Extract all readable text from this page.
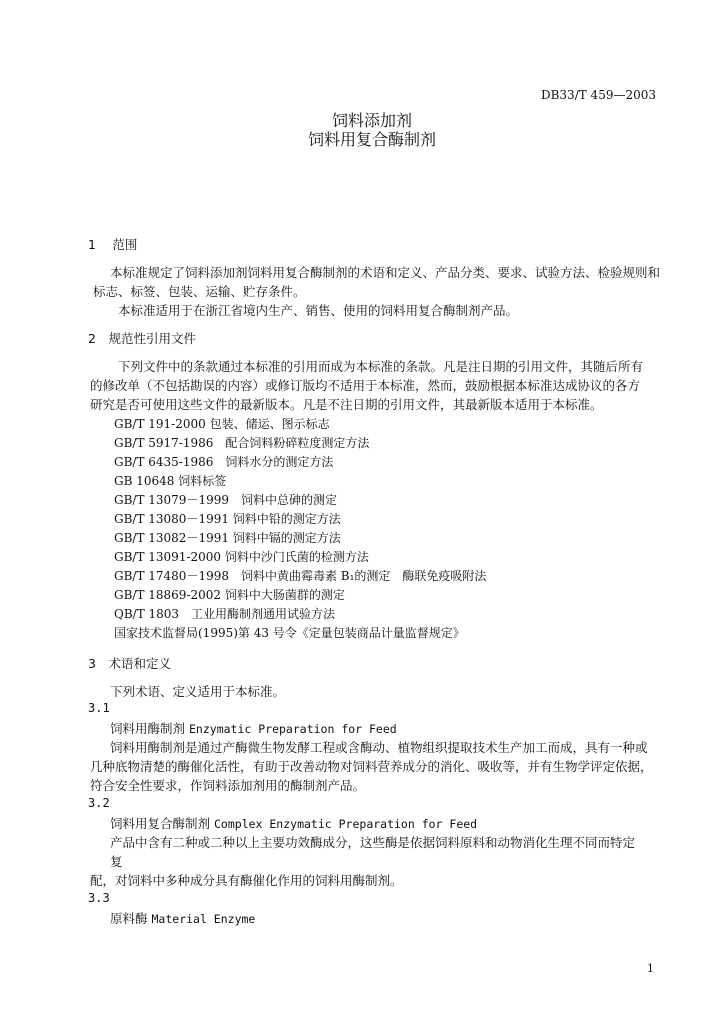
DB33/T 459—2003
饲料添加剂
饲料用复合酶制剂
1　 范围
本标准规定了饲料添加剂饲料用复合酶制剂的术语和定义、产品分类、要求、试验方法、检验规则和
标志、标签、包装、运输、贮存条件。
本标准适用于在浙江省境内生产、销售、使用的饲料用复合酶制剂产品。
2　规范性引用文件
下列文件中的条款通过本标准的引用而成为本标准的条款。凡是注日期的引用文件，其随后所有
的修改单（不包括勘误的内容）或修订版均不适用于本标准，然而，鼓励根据本标准达成协议的各方
研究是否可使用这些文件的最新版本。凡是不注日期的引用文件，其最新版本适用于本标准。
GB/T 191-2000 包装、储运、图示标志
GB/T 5917-1986　配合饲料粉碎粒度测定方法
GB/T 6435-1986　饲料水分的测定方法
GB 10648 饲料标签
GB/T 13079－1999　饲料中总砷的测定
GB/T 13080－1991 饲料中铅的测定方法
GB/T 13082－1991 饲料中镉的测定方法
GB/T 13091-2000 饲料中沙门氏菌的检测方法
GB/T 17480－1998　饲料中黄曲霉毒素 B₁的测定　酶联免疫吸附法
GB/T 18869-2002 饲料中大肠菌群的测定
QB/T 1803　工业用酶制剂通用试验方法
国家技术监督局(1995)第 43 号令《定量包装商品计量监督规定》
3　术语和定义
下列术语、定义适用于本标准。
3.1
饲料用酶制剂 Enzymatic Preparation for Feed
饲料用酶制剂是通过产酶微生物发酵工程或含酶动、植物组织提取技术生产加工而成，具有一种或
几种底物清楚的酶催化活性，有助于改善动物对饲料营养成分的消化、吸收等，并有生物学评定依据，
符合安全性要求，作饲料添加剂用的酶制剂产品。
3.2
饲料用复合酶制剂 Complex Enzymatic Preparation for Feed
产品中含有二种或二种以上主要功效酶成分，这些酶是依据饲料原料和动物消化生理不同而特定
复
配，对饲料中多种成分具有酶催化作用的饲料用酶制剂。
3.3
原料酶 Material Enzyme
1
